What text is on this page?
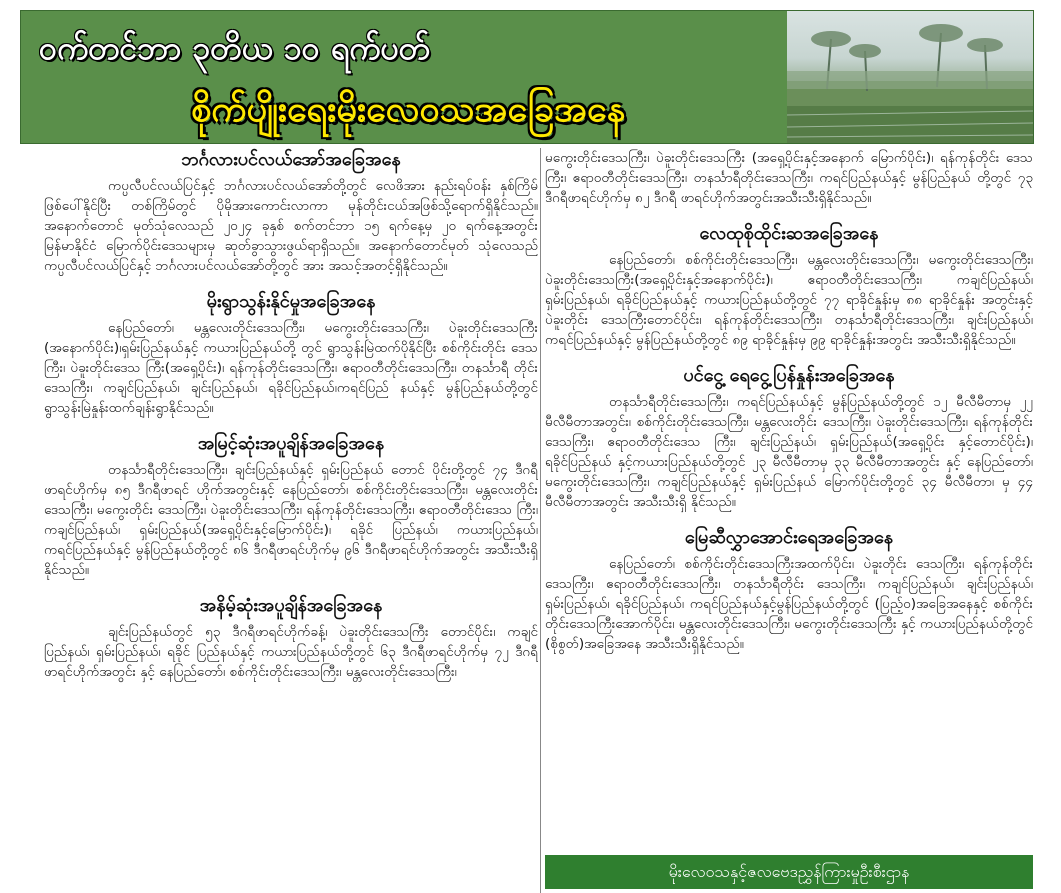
ဝက်တင်ဘာ ၃တိယ ၁ဝ ရက်ပတ်
စိုက်ပျိုးရေးမိုးလေဝသအခြေအနေ
ဘင်္ဂလားပင်လယ်အော်အခြေအနေ

ကပ္ပလီပင်လယ်ပြင်နှင့် ဘင်္ဂလားပင်လယ်အော်တို့တွင် လေဖိအား နည်းရပ်ဝန်း နှစ်ကြိမ် ဖြစ်ပေါ်နိုင်ပြီး တစ်ကြိမ်တွင် ပိုမိုအားကောင်းလာကာ မုန်တိုင်းငယ်အဖြစ်သို့ရောက်ရှိနိုင်သည်။ အနောက်တောင် မုတ်သုံလေသည် ၂၀၂၄ ခုနှစ် စက်တင်ဘာ ၁၅ ရက်နေ့မှ ၂၀ ရက်နေ့အတွင်း မြန်မာနိုင်ငံ မြောက်ပိုင်းဒေသများမှ ဆုတ်ခွာသွားဖွယ်ရာရှိသည်။ အနောက်တောင်မုတ် သုံလေသည် ကပ္ပလီပင်လယ်ပြင်နှင့် ဘင်္ဂလားပင်လယ်အော်တို့တွင် အား အသင့်အတင့်ရှိနိုင်သည်။

မိုးရွာသွန်းနိုင်မှုအခြေအနေ

နေပြည်တော်၊ မန္တလေးတိုင်းဒေသကြီး၊ မကွေးတိုင်းဒေသကြီး၊ ပဲခူးတိုင်းဒေသကြီး (အနောက်ပိုင်း)၊ရှမ်းပြည်နယ်နှင့် ကယားပြည်နယ်တို့ တွင် ရွာသွန်းမြဲထက်ပိုနိုင်ပြီး စစ်ကိုင်းတိုင်း ဒေသကြီး၊ ပဲခူးတိုင်းဒေသ ကြီး(အရှေ့ပိုင်း)၊ ရန်ကုန်တိုင်းဒေသကြီး၊ ဧရာဝတီတိုင်းဒေသကြီး၊ တနင်္သာရီ တိုင်းဒေသကြီး၊ ကချင်ပြည်နယ်၊ ချင်းပြည်နယ်၊ ရခိုင်ပြည်နယ်၊ကရင်ပြည် နယ်နှင့် မွန်ပြည်နယ်တို့တွင် ရွာသွန်းမြဲနှုန်းထက်ချန်းရွာနိုင်သည်။

အမြင့်ဆုံးအပူချိန်အခြေအနေ

တနင်္သာရီတိုင်းဒေသကြီး၊ ချင်းပြည်နယ်နှင့် ရှမ်းပြည်နယ် တောင် ပိုင်းတို့တွင် ၇၄ ဒီဂရီဖာရင်ဟိုက်မှ ၈၅ ဒီဂရီဖာရင် ဟိုက်အတွင်းနှင့် နေပြည်တော်၊ စစ်ကိုင်းတိုင်းဒေသကြီး၊ မန္တလေးတိုင်းဒေသကြီး၊ မကွေးတိုင်း ဒေသကြီး၊ ပဲခူးတိုင်းဒေသကြီး၊ ရန်ကုန်တိုင်းဒေသကြီး၊ ဧရာဝတီတိုင်းဒေသ ကြီး၊ ကချင်ပြည်နယ်၊ ရှမ်းပြည်နယ်(အရှေ့ပိုင်းနှင့်မြောက်ပိုင်း)၊ ရခိုင် ပြည်နယ်၊ ကယားပြည်နယ်၊ ကရင်ပြည်နယ်နှင့် မွန်ပြည်နယ်တို့တွင် ၈၆ ဒီဂရီဖာရင်ဟိုက်မှ ၉၆ ဒီဂရီဖာရင်ဟိုက်အတွင်း အသီးသီးရှိနိုင်သည်။

အနိမ့်ဆုံးအပူချိန်အခြေအနေ

ချင်းပြည်နယ်တွင် ၅၃ ဒီဂရီဖာရင်ဟိုက်ခန့်၊ ပဲခူးတိုင်းဒေသကြီး တောင်ပိုင်း၊ ကချင် ပြည်နယ်၊ ရှမ်းပြည်နယ်၊ ရခိုင် ပြည်နယ်နှင့် ကယားပြည်နယ်တို့တွင် ၆၃ ဒီဂရီဖာရင်ဟိုက်မှ ၇၂ ဒီဂရီဖာရင်ဟိုက်အတွင်း နှင့် နေပြည်တော်၊ စစ်ကိုင်းတိုင်းဒေသကြီး၊ မန္တလေးတိုင်းဒေသကြီး၊

မကွေးတိုင်းဒေသကြီး၊ ပဲခူးတိုင်းဒေသကြီး (အရှေ့ပိုင်းနှင့်အနောက် မြောက်ပိုင်း)၊ ရန်ကုန်တိုင်း ဒေသကြီး၊ ဧရာဝတီတိုင်းဒေသကြီး၊ တနင်္သာရီတိုင်းဒေသကြီး၊ ကရင်ပြည်နယ်နှင့် မွန်ပြည်နယ် တို့တွင် ၇၃ ဒီဂရီဖာရင်ဟိုက်မှ ၈၂ ဒီဂရီ ဖာရင်ဟိုက်အတွင်းအသီးသီးရှိနိုင်သည်။

လေထုစိုထိုင်းဆအခြေအနေ

နေပြည်တော်၊ စစ်ကိုင်းတိုင်းဒေသကြီး၊ မန္တလေးတိုင်းဒေသကြီး၊ မကွေးတိုင်းဒေသကြီး၊ ပဲခူးတိုင်းဒေသကြီး(အရှေ့ပိုင်းနှင့်အနောက်ပိုင်း)၊ ဧရာဝတီတိုင်းဒေသကြီး၊ ကချင်ပြည်နယ်၊ ရှမ်းပြည်နယ်၊ ရခိုင်ပြည်နယ်နှင့် ကယားပြည်နယ်တို့တွင် ၇၇ ရာခိုင်နှုန်းမှ ၈၈ ရာခိုင်နှုန်း အတွင်းနှင့် ပဲခူးတိုင်း ဒေသကြီးတောင်ပိုင်း၊ ရန်ကုန်တိုင်းဒေသကြီး၊ တနင်္သာရီတိုင်းဒေသကြီး၊ ချင်းပြည်နယ်၊ ကရင်ပြည်နယ်နှင့် မွန်ပြည်နယ်တို့တွင် ၈၉ ရာခိုင်နှုန်းမှ ၉၉ ရာခိုင်နှုန်းအတွင်း အသီးသီးရှိနိုင်သည်။

ပင်ငွေ့ ရေငွေ့ပြန်နှုန်းအခြေအနေ

တနင်္သာရီတိုင်းဒေသကြီး၊ ကရင်ပြည်နယ်နှင့် မွန်ပြည်နယ်တို့တွင် ၁၂ မီလီမီတာမှ ၂၂ မီလီမီတာအတွင်း၊ စစ်ကိုင်းတိုင်းဒေသကြီး၊ မန္တလေးတိုင်း ဒေသကြီး၊ ပဲခူးတိုင်းဒေသကြီး၊ ရန်ကုန်တိုင်းဒေသကြီး၊ ဧရာဝတီတိုင်းဒေသ ကြီး၊ ချင်းပြည်နယ်၊ ရှမ်းပြည်နယ်(အရှေ့ပိုင်း နှင့်တောင်ပိုင်း)၊ ရခိုင်ပြည်နယ် နှင့်ကယားပြည်နယ်တို့တွင် ၂၃ မီလီမီတာမှ ၃၃ မီလီမီတာအတွင်း နှင့် နေပြည်တော်၊ မကွေးတိုင်းဒေသကြီး၊ ကချင်ပြည်နယ်နှင့် ရှမ်းပြည်နယ် မြောက်ပိုင်းတို့တွင် ၃၄ မီလီမီတာ၊ မှ ၄၄ မီလီမီတာအတွင်း အသီးသီးရှိ နိုင်သည်။

မြေဆီလွှာအောင်းရေအခြေအနေ

နေပြည်တော်၊ စစ်ကိုင်းတိုင်းဒေသကြီးအထက်ပိုင်း၊ ပဲခူးတိုင်း ဒေသကြီး၊ ရန်ကုန်တိုင်း ဒေသကြီး၊ ဧရာဝတီတိုင်းဒေသကြီး၊ တနင်္သာရီတိုင်း ဒေသကြီး၊ ကချင်ပြည်နယ်၊ ချင်းပြည်နယ်၊ ရှမ်းပြည်နယ်၊ ရခိုင်ပြည်နယ်၊ ကရင်ပြည်နယ်နှင့်မွန်ပြည်နယ်တို့တွင် (ပြည့်ဝ)အခြေအနေနှင့် စစ်ကိုင်း တိုင်းဒေသကြီးအောက်ပိုင်း၊ မန္တလေးတိုင်းဒေသကြီး၊ မကွေးတိုင်းဒေသကြီး နှင့် ကယားပြည်နယ်တို့တွင် (စိုစွတ်)အခြေအနေ အသီးသီးရှိနိုင်သည်။

မိုးလေဝသနှင့်ဇလဗေဒညွှန်ကြားမှုဦးစီးဌာန
